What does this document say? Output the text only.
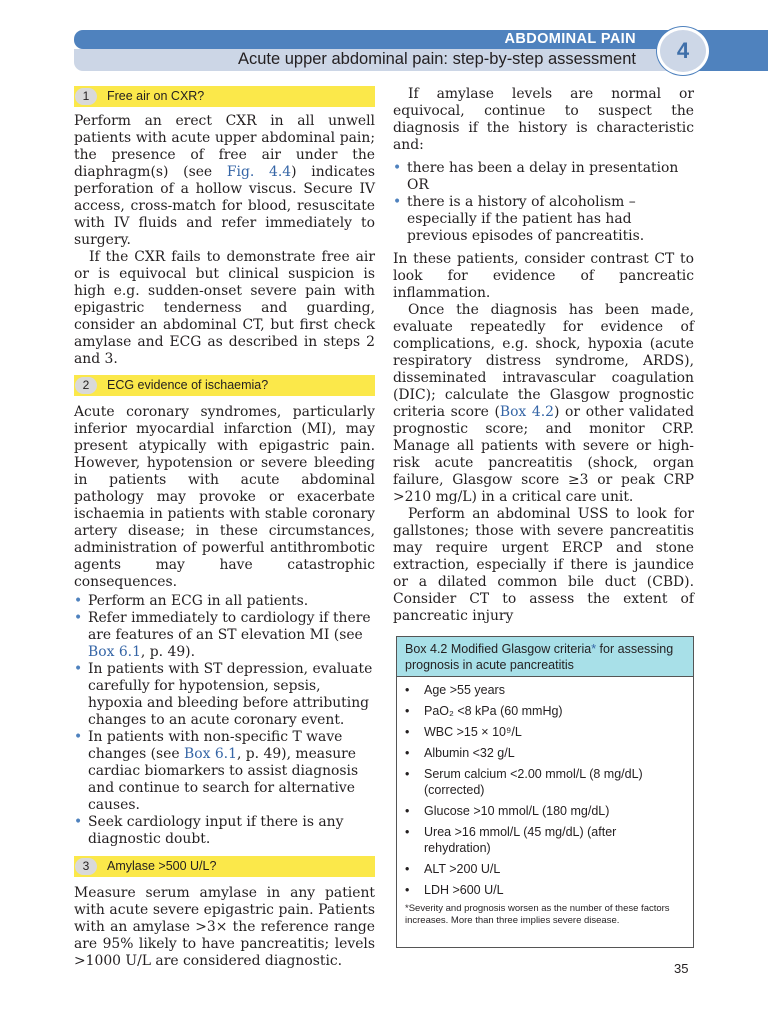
ABDOMINAL PAIN
Acute upper abdominal pain: step-by-step assessment	4
1	Free air on CXR?

Perform an erect CXR in all unwell patients with acute upper abdominal pain; the presence of free air under the diaphragm(s) (see Fig. 4.4) indicates perforation of a hollow viscus. Secure IV access, cross-match for blood, resuscitate with IV fluids and refer immediately to surgery.

If the CXR fails to demonstrate free air or is equivocal but clinical suspicion is high e.g. sudden-onset severe pain with epigastric tenderness and guarding, consider an abdominal CT, but first check amylase and ECG as described in steps 2 and 3.

2	ECG evidence of ischaemia?

Acute coronary syndromes, particularly inferior myocardial infarction (MI), may present atypically with epigastric pain. However, hypotension or severe bleeding in patients with acute abdominal pathology may provoke or exacerbate ischaemia in patients with stable coronary artery disease; in these circumstances, administration of powerful antithrombotic agents may have catastrophic consequences.

• Perform an ECG in all patients.
• Refer immediately to cardiology if there are features of an ST elevation MI (see Box 6.1, p. 49).
• In patients with ST depression, evaluate carefully for hypotension, sepsis, hypoxia and bleeding before attributing changes to an acute coronary event.
• In patients with non-specific T wave changes (see Box 6.1, p. 49), measure cardiac biomarkers to assist diagnosis and continue to search for alternative causes.
• Seek cardiology input if there is any diagnostic doubt.
3	Amylase >500 U/L?

Measure serum amylase in any patient with acute severe epigastric pain. Patients with an amylase >3× the reference range are 95% likely to have pancreatitis; levels >1000 U/L are considered diagnostic.

If amylase levels are normal or equivocal, continue to suspect the diagnosis if the history is characteristic and:

• there has been a delay in presentation OR
• there is a history of alcoholism – especially if the patient has had previous episodes of pancreatitis.

In these patients, consider contrast CT to look for evidence of pancreatic inflammation.

Once the diagnosis has been made, evaluate repeatedly for evidence of complications, e.g. shock, hypoxia (acute respiratory distress syndrome, ARDS), disseminated intravascular coagulation (DIC); calculate the Glasgow prognostic criteria score (Box 4.2) or other validated prognostic score; and monitor CRP. Manage all patients with severe or high-risk acute pancreatitis (shock, organ failure, Glasgow score ≥3 or peak CRP >210 mg/L) in a critical care unit.

Perform an abdominal USS to look for gallstones; those with severe pancreatitis may require urgent ERCP and stone extraction, especially if there is jaundice or a dilated common bile duct (CBD). Consider CT to assess the extent of pancreatic injury

Box 4.2 Modified Glasgow criteria* for assessing prognosis in acute pancreatitis
• Age >55 years
• PaO₂ <8 kPa (60 mmHg)
• WBC >15 × 10⁹/L
• Albumin <32 g/L
• Serum calcium <2.00 mmol/L (8 mg/dL) (corrected)
• Glucose >10 mmol/L (180 mg/dL)
• Urea >16 mmol/L (45 mg/dL) (after rehydration)
• ALT >200 U/L
• LDH >600 U/L

*Severity and prognosis worsen as the number of these factors increases. More than three implies severe disease.

35
